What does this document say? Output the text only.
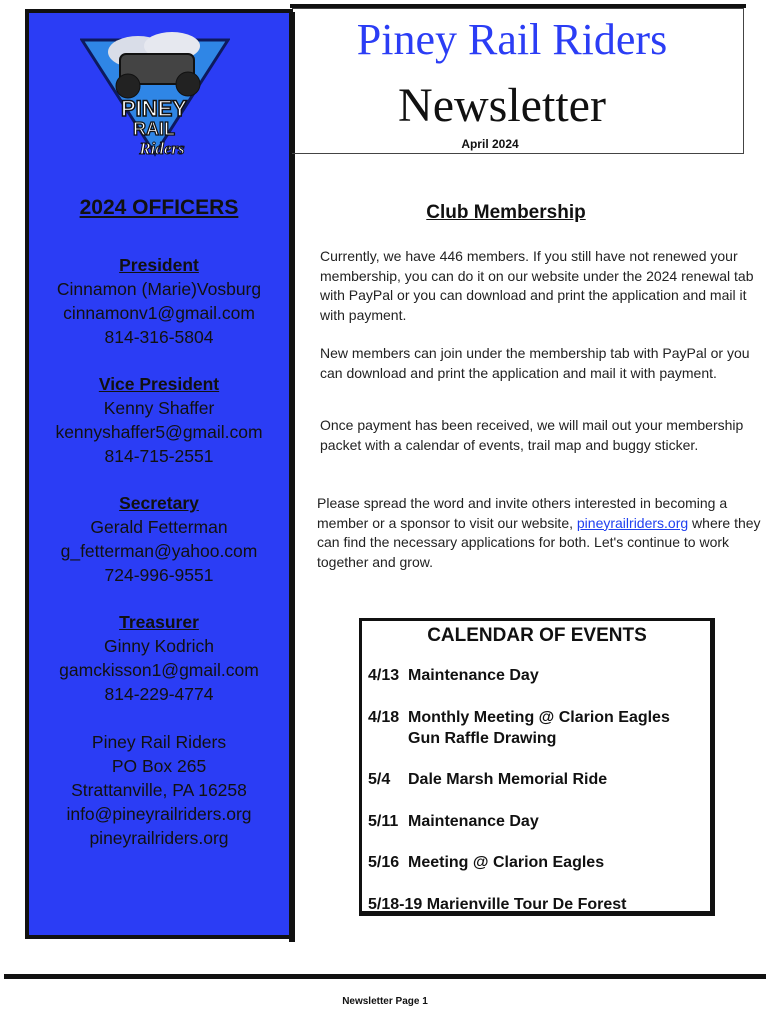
PINEY
RAIL
Riders
2024 OFFICERS
President
Cinnamon (Marie)Vosburg
cinnamonv1@gmail.com
814-316-5804
Vice President
Kenny Shaffer
kennyshaffer5@gmail.com
814-715-2551
Secretary
Gerald Fetterman
g_fetterman@yahoo.com
724-996-9551
Treasurer
Ginny Kodrich
gamckisson1@gmail.com
814-229-4774
Piney Rail Riders
PO Box 265
Strattanville, PA 16258
info@pineyrailriders.org
pineyrailriders.org
Piney Rail Riders
Newsletter
April 2024
Club Membership
Currently, we have 446 members. If you still have not renewed your membership, you can do it on our website under the 2024 renewal tab with PayPal or you can download and print the application and mail it with payment.
New members can join under the membership tab with PayPal or you can download and print the application and mail it with payment.
Once payment has been received, we will mail out your membership packet with a calendar of events, trail map and buggy sticker.
Please spread the word and invite others interested in becoming a member or a sponsor to visit our website, pineyrailriders.org where they can find the necessary applications for both. Let's continue to work together and grow.
CALENDAR OF EVENTS
4/13 Maintenance Day
4/18 Monthly Meeting @ Clarion Eagles
Gun Raffle Drawing
5/4 Dale Marsh Memorial Ride
5/11 Maintenance Day
5/16 Meeting @ Clarion Eagles
5/18-19 Marienville Tour De Forest
Newsletter Page 1
